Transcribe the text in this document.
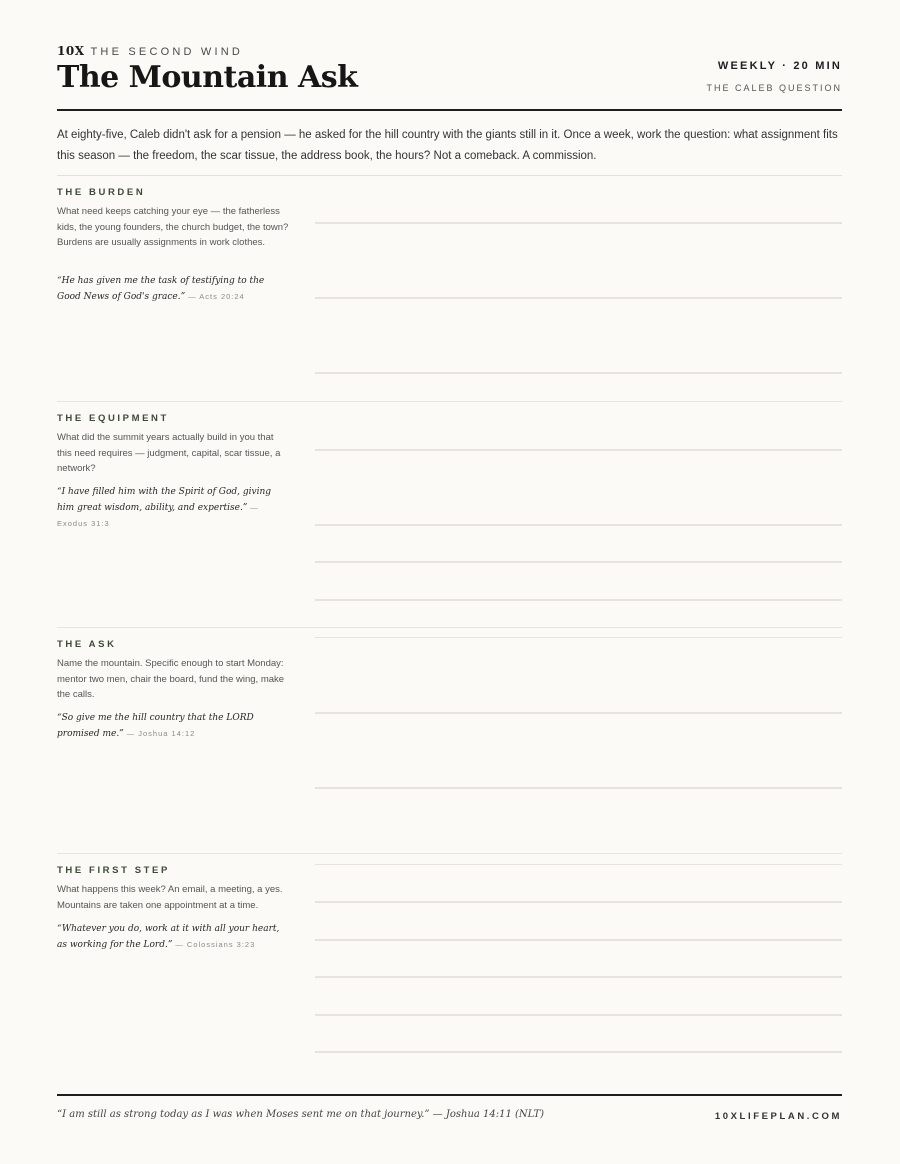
10X THE SECOND WIND
The Mountain Ask	WEEKLY · 20 MIN
THE CALEB QUESTION

At eighty-five, Caleb didn't ask for a pension — he asked for the hill country with the giants still in it. Once a week, work the question: what assignment fits this season — the freedom, the scar tissue, the address book, the hours? Not a comeback. A commission.

THE BURDEN

What need keeps catching your eye — the fatherless kids, the young founders, the church budget, the town? Burdens are usually assignments in work clothes.

“He has given me the task of testifying to the Good News of God's grace.” — Acts 20:24

THE EQUIPMENT

What did the summit years actually build in you that this need requires — judgment, capital, scar tissue, a network?

“I have filled him with the Spirit of God, giving him great wisdom, ability, and expertise.” — Exodus 31:3

THE ASK

Name the mountain. Specific enough to start Monday: mentor two men, chair the board, fund the wing, make the calls.

“So give me the hill country that the LORD promised me.” — Joshua 14:12

THE FIRST STEP

What happens this week? An email, a meeting, a yes. Mountains are taken one appointment at a time.

“Whatever you do, work at it with all your heart, as working for the Lord.” — Colossians 3:23

“I am still as strong today as I was when Moses sent me on that journey.” — Joshua 14:11 (NLT)	10XLIFEPLAN.COM
